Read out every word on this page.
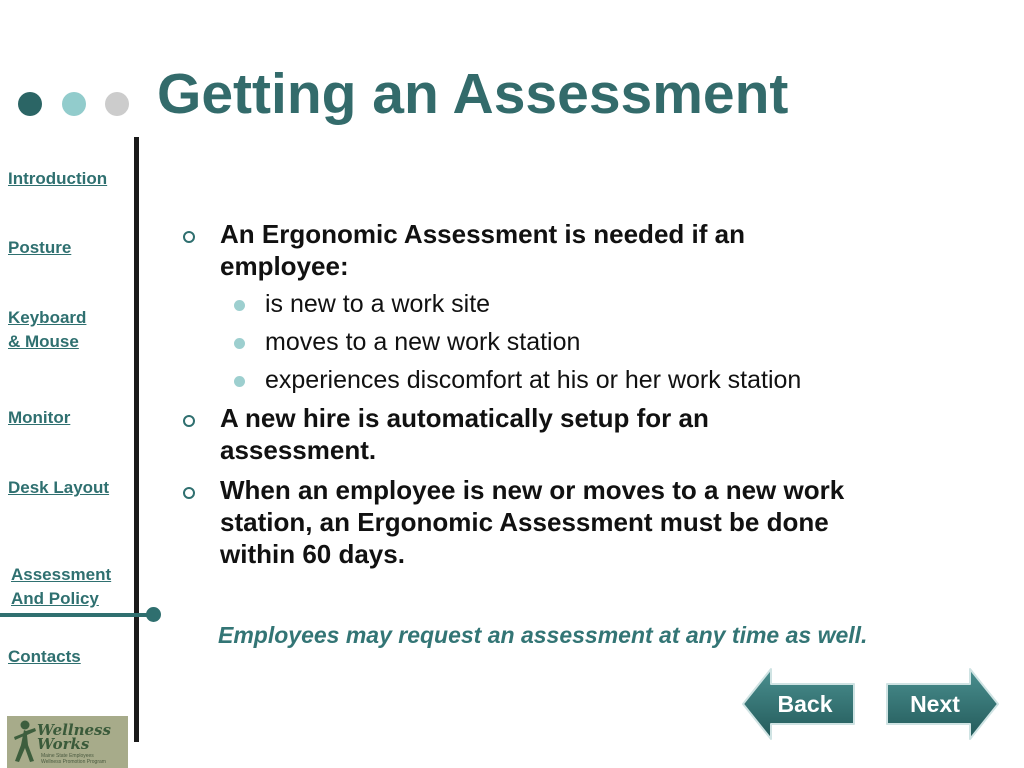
Getting an Assessment
Introduction
Posture
Keyboard
& Mouse
Monitor
Desk Layout
Assessment
And Policy
Contacts
Wellness
Works
Maine State Employees
Wellness Promotion Program
An Ergonomic Assessment is needed if an
employee:
is new to a work site
moves to a new work station
experiences discomfort at his or her work station
A new hire is automatically setup for an
assessment.
When an employee is new or moves to a new work
station, an Ergonomic Assessment must be done
within 60 days.
Employees may request an assessment at any time as well.
Back	Next
